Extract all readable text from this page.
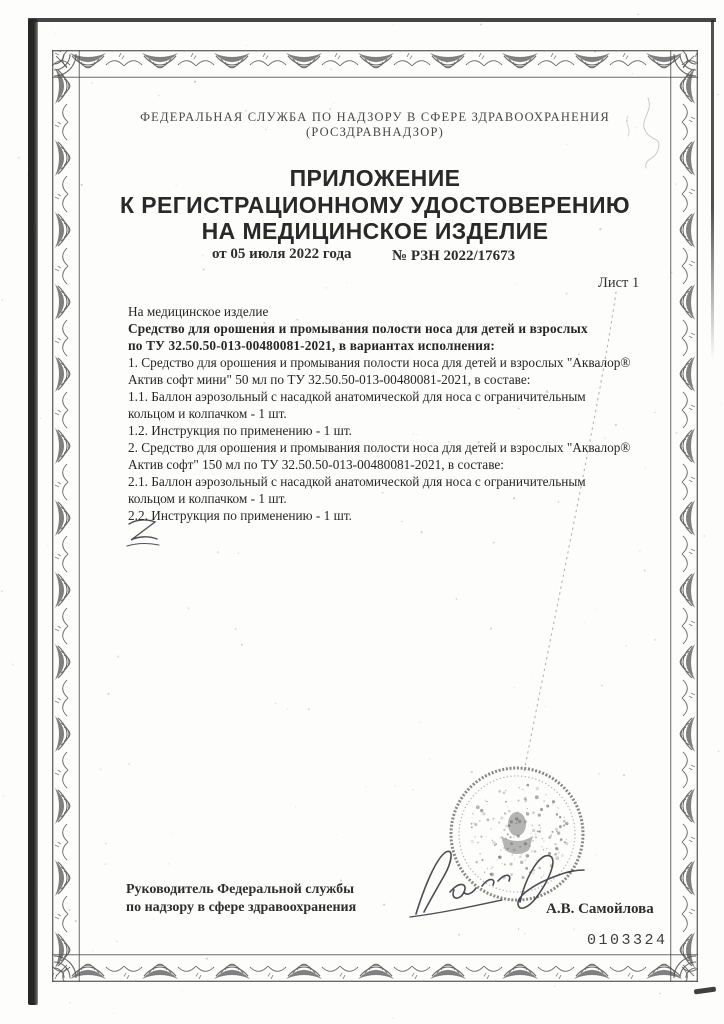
ФЕДЕРАЛЬНАЯ СЛУЖБА ПО НАДЗОРУ В СФЕРЕ ЗДРАВООХРАНЕНИЯ
(РОСЗДРАВНАДЗОР)
ПРИЛОЖЕНИЕ
К РЕГИСТРАЦИОННОМУ УДОСТОВЕРЕНИЮ
НА МЕДИЦИНСКОЕ ИЗДЕЛИЕ
от 05 июля 2022 года	№ РЗН 2022/17673
Лист 1
На медицинское изделие
Средство для орошения и промывания полости носа для детей и взрослых
по ТУ 32.50.50-013-00480081-2021, в вариантах исполнения:
1. Средство для орошения и промывания полости носа для детей и взрослых "Аквалор®
Актив софт мини" 50 мл по ТУ 32.50.50-013-00480081-2021, в составе:
1.1. Баллон аэрозольный с насадкой анатомической для носа с ограничительным
кольцом и колпачком - 1 шт.
1.2. Инструкция по применению - 1 шт.
2. Средство для орошения и промывания полости носа для детей и взрослых "Аквалор®
Актив софт" 150 мл по ТУ 32.50.50-013-00480081-2021, в составе:
2.1. Баллон аэрозольный с насадкой анатомической для носа с ограничительным
кольцом и колпачком - 1 шт.
2.2. Инструкция по применению - 1 шт.
Руководитель Федеральной службы
по надзору в сфере здравоохранения	А.В. Самойлова
0103324
